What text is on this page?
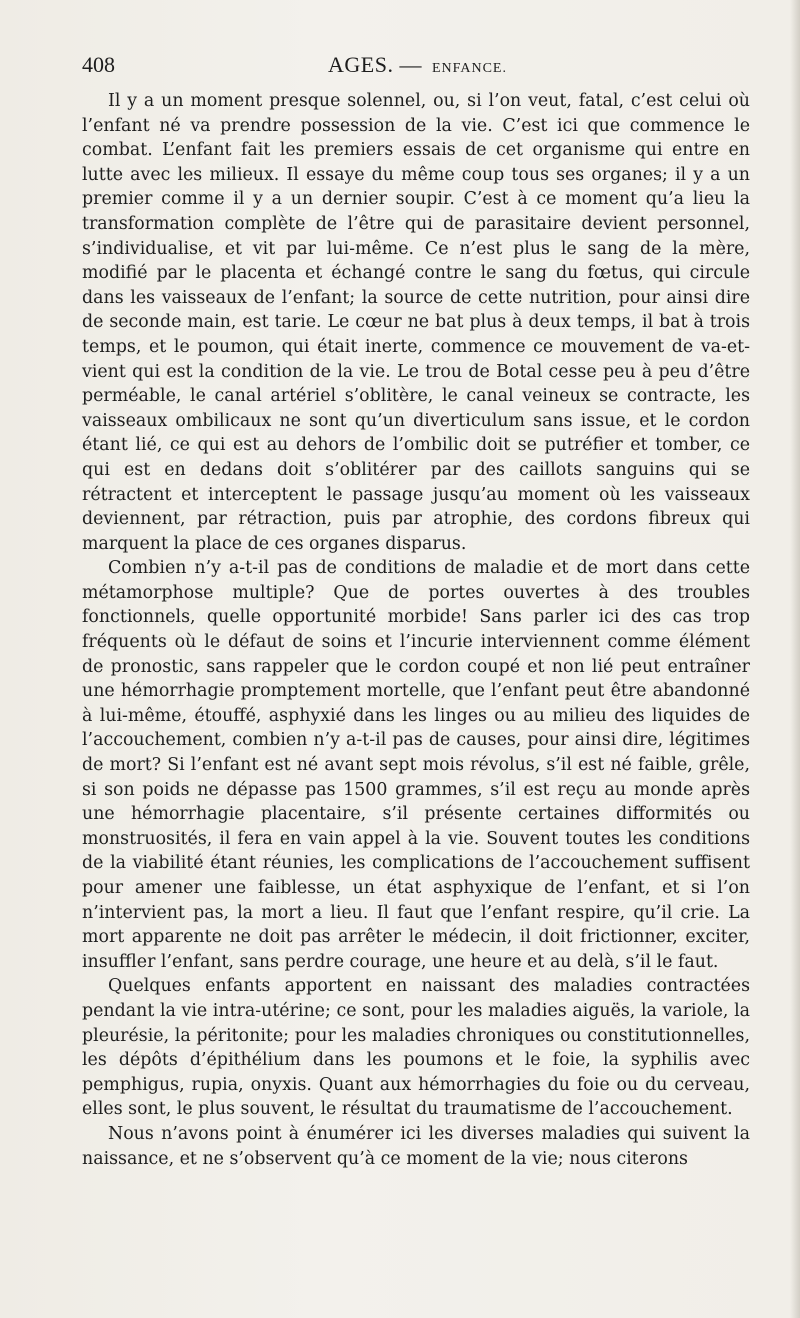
408	AGES. — ENFANCE.

Il y a un moment presque solennel, ou, si l’on veut, fatal, c’est celui où l’enfant né va prendre possession de la vie. C’est ici que commence le combat. L’enfant fait les premiers essais de cet organisme qui entre en lutte avec les milieux. Il essaye du même coup tous ses organes; il y a un premier comme il y a un dernier soupir. C’est à ce moment qu’a lieu la transformation complète de l’être qui de parasitaire devient personnel, s’individualise, et vit par lui-même. Ce n’est plus le sang de la mère, modifié par le placenta et échangé contre le sang du fœtus, qui circule dans les vaisseaux de l’enfant; la source de cette nutrition, pour ainsi dire de seconde main, est tarie. Le cœur ne bat plus à deux temps, il bat à trois temps, et le poumon, qui était inerte, commence ce mouvement de va-et-vient qui est la condition de la vie. Le trou de Botal cesse peu à peu d’être perméable, le canal artériel s’oblitère, le canal veineux se contracte, les vaisseaux ombilicaux ne sont qu’un diverticulum sans issue, et le cordon étant lié, ce qui est au dehors de l’ombilic doit se putréfier et tomber, ce qui est en dedans doit s’oblitérer par des caillots sanguins qui se rétractent et interceptent le passage jusqu’au moment où les vaisseaux deviennent, par rétraction, puis par atrophie, des cordons fibreux qui marquent la place de ces organes disparus.

Combien n’y a-t-il pas de conditions de maladie et de mort dans cette métamorphose multiple? Que de portes ouvertes à des troubles fonctionnels, quelle opportunité morbide! Sans parler ici des cas trop fréquents où le défaut de soins et l’incurie interviennent comme élément de pronostic, sans rappeler que le cordon coupé et non lié peut entraîner une hémorrhagie promptement mortelle, que l’enfant peut être abandonné à lui-même, étouffé, asphyxié dans les linges ou au milieu des liquides de l’accouchement, combien n’y a-t-il pas de causes, pour ainsi dire, légitimes de mort? Si l’enfant est né avant sept mois révolus, s’il est né faible, grêle, si son poids ne dépasse pas 1500 grammes, s’il est reçu au monde après une hémorrhagie placentaire, s’il présente certaines difformités ou monstruosités, il fera en vain appel à la vie. Souvent toutes les conditions de la viabilité étant réunies, les complications de l’accouchement suffisent pour amener une faiblesse, un état asphyxique de l’enfant, et si l’on n’intervient pas, la mort a lieu. Il faut que l’enfant respire, qu’il crie. La mort apparente ne doit pas arrêter le médecin, il doit frictionner, exciter, insuffler l’enfant, sans perdre courage, une heure et au delà, s’il le faut.

Quelques enfants apportent en naissant des maladies contractées pendant la vie intra-utérine; ce sont, pour les maladies aiguës, la variole, la pleurésie, la péritonite; pour les maladies chroniques ou constitutionnelles, les dépôts d’épithélium dans les poumons et le foie, la syphilis avec pemphigus, rupia, onyxis. Quant aux hémorrhagies du foie ou du cerveau, elles sont, le plus souvent, le résultat du traumatisme de l’accouchement.

Nous n’avons point à énumérer ici les diverses maladies qui suivent la naissance, et ne s’observent qu’à ce moment de la vie; nous citerons
